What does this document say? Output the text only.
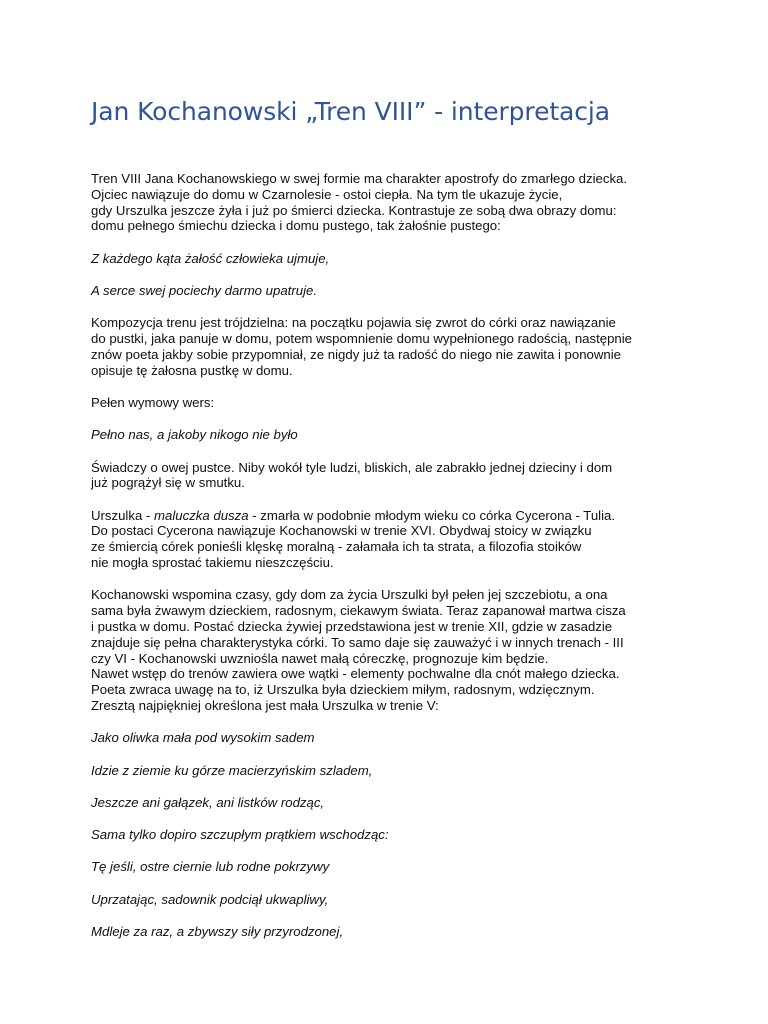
Jan Kochanowski „Tren VIII” - interpretacja
Tren VIII Jana Kochanowskiego w swej formie ma charakter apostrofy do zmarłego dziecka.
Ojciec nawiązuje do domu w Czarnolesie - ostoi ciepła. Na tym tle ukazuje życie,
gdy Urszulka jeszcze żyła i już po śmierci dziecka. Kontrastuje ze sobą dwa obrazy domu:
domu pełnego śmiechu dziecka i domu pustego, tak żałośnie pustego:
Z każdego kąta żałość człowieka ujmuje,
A serce swej pociechy darmo upatruje.
Kompozycja trenu jest trójdzielna: na początku pojawia się zwrot do córki oraz nawiązanie
do pustki, jaka panuje w domu, potem wspomnienie domu wypełnionego radością, następnie
znów poeta jakby sobie przypomniał, ze nigdy już ta radość do niego nie zawita i ponownie
opisuje tę żałosna pustkę w domu.
Pełen wymowy wers:
Pełno nas, a jakoby nikogo nie było
Świadczy o owej pustce. Niby wokół tyle ludzi, bliskich, ale zabrakło jednej dzieciny i dom
już pogrążył się w smutku.
Urszulka - maluczka dusza - zmarła w podobnie młodym wieku co córka Cycerona - Tulia.
Do postaci Cycerona nawiązuje Kochanowski w trenie XVI. Obydwaj stoicy w związku
ze śmiercią córek ponieśli klęskę moralną - załamała ich ta strata, a filozofia stoików
nie mogła sprostać takiemu nieszczęściu.
Kochanowski wspomina czasy, gdy dom za życia Urszulki był pełen jej szczebiotu, a ona
sama była żwawym dzieckiem, radosnym, ciekawym świata. Teraz zapanował martwa cisza
i pustka w domu. Postać dziecka żywiej przedstawiona jest w trenie XII, gdzie w zasadzie
znajduje się pełna charakterystyka córki. To samo daje się zauważyć i w innych trenach - III
czy VI - Kochanowski uwzniośla nawet małą córeczkę, prognozuje kim będzie.
Nawet wstęp do trenów zawiera owe wątki - elementy pochwalne dla cnót małego dziecka.
Poeta zwraca uwagę na to, iż Urszulka była dzieckiem miłym, radosnym, wdzięcznym.
Zresztą najpiękniej określona jest mała Urszulka w trenie V:
Jako oliwka mała pod wysokim sadem
Idzie z ziemie ku górze macierzyńskim szladem,
Jeszcze ani gałązek, ani listków rodząc,
Sama tylko dopiro szczupłym prątkiem wschodząc:
Tę jeśli, ostre ciernie lub rodne pokrzywy
Uprzatając, sadownik podciął ukwapliwy,
Mdleje za raz, a zbywszy siły przyrodzonej,
